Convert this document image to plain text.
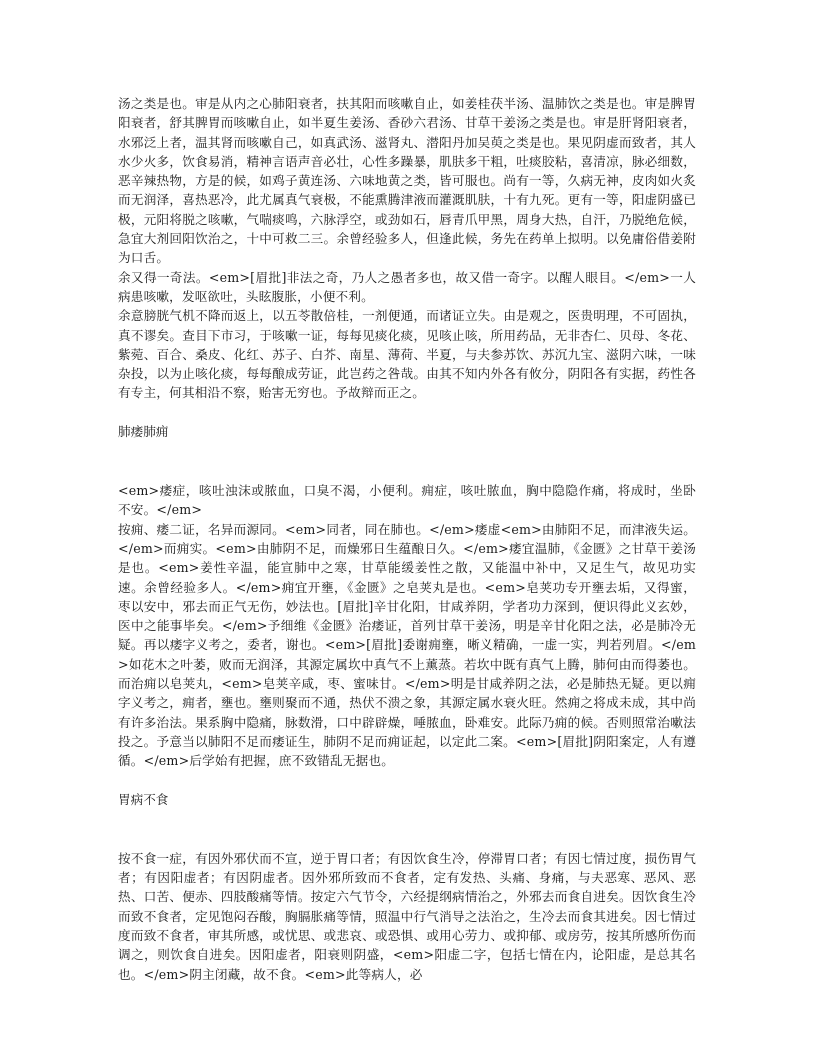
汤之类是也。审是从内之心肺阳衰者，扶其阳而咳嗽自止，如姜桂茯半汤、温肺饮之类是也。审是脾胃阳衰者，舒其脾胃而咳嗽自止，如半夏生姜汤、香砂六君汤、甘草干姜汤之类是也。审是肝肾阳衰者，水邪泛上者，温其肾而咳嗽自己，如真武汤、滋肾丸、潜阳丹加吴萸之类是也。果见阴虚而致者，其人水少火多，饮食易消，精神言语声音必壮，心性多躁暴，肌肤多干粗，吐痰胶粘，喜清凉，脉必细数，恶辛辣热物，方是的候，如鸡子黄连汤、六味地黄之类，皆可服也。尚有一等，久病无神，皮肉如火炙而无润泽，喜热恶冷，此尤属真气衰极，不能熏腾津液而灌溉肌肤，十有九死。更有一等，阳虚阴盛已极，元阳将脱之咳嗽，气喘痰鸣，六脉浮空，或劲如石，唇青爪甲黑，周身大热，自汗，乃脱绝危候，急宜大剂回阳饮治之，十中可救二三。余曾经验多人，但逢此候，务先在药单上拟明。以免庸俗借姜附为口舌。

余又得一奇法。<em>[眉批]非法之奇，乃人之愚者多也，故又借一奇字。以醒人眼目。</em>一人病患咳嗽，发呕欲吐，头眩腹胀，小便不利。

余意膀胱气机不降而返上，以五苓散倍桂，一剂便通，而诸证立失。由是观之，医贵明理，不可固执，真不谬矣。查目下市习，于咳嗽一证，每每见痰化痰，见咳止咳，所用药品，无非杏仁、贝母、冬花、紫菀、百合、桑皮、化红、苏子、白芥、南星、薄荷、半夏，与夫参苏饮、苏沉九宝、滋阴六味，一味杂投，以为止咳化痰，每每酿成劳证，此岂药之咎哉。由其不知内外各有攸分，阴阳各有实据，药性各有专主，何其相沿不察，贻害无穷也。予故辩而正之。

肺痿肺痈

<em>痿症，咳吐浊沫或脓血，口臭不渴，小便利。痈症，咳吐脓血，胸中隐隐作痛，将成时，坐卧不安。</em>

按痈、痿二证，名异而源同。<em>同者，同在肺也。</em>痿虚<em>由肺阳不足，而津液失运。</em>而痈实。<em>由肺阴不足，而燥邪日生蕴酿日久。</em>痿宜温肺，《金匮》之甘草干姜汤是也。<em>姜性辛温，能宣肺中之寒，甘草能缓姜性之散，又能温中补中，又足生气，故见功实速。余曾经验多人。</em>痈宜开壅，《金匮》之皂荚丸是也。<em>皂荚功专开壅去垢，又得蜜，枣以安中，邪去而正气无伤，妙法也。[眉批]辛甘化阳，甘咸养阴，学者功力深到，便识得此义玄妙，医中之能事毕矣。</em>予细维《金匮》治痿证，首列甘草干姜汤，明是辛甘化阳之法，必是肺冷无疑。再以痿字义考之，委者，谢也。<em>[眉批]委谢痈壅，晰义精确，一虚一实，判若列眉。</em>如花木之叶萎，败而无润泽，其源定属坎中真气不上薰蒸。若坎中既有真气上腾，肺何由而得萎也。而治痈以皂荚丸，<em>皂荚辛咸，枣、蜜味甘。</em>明是甘咸养阴之法，必是肺热无疑。更以痈字义考之，痈者，壅也。壅则聚而不通，热伏不溃之象，其源定属水衰火旺。然痈之将成未成，其中尚有许多治法。果系胸中隐痛，脉数滑，口中辟辟燥，唾脓血，卧难安。此际乃痈的候。否则照常治嗽法投之。予意当以肺阳不足而痿证生，肺阴不足而痈证起，以定此二案。<em>[眉批]阴阳案定，人有遵循。</em>后学始有把握，庶不致错乱无据也。

胃病不食

按不食一症，有因外邪伏而不宣，逆于胃口者；有因饮食生冷，停滞胃口者；有因七情过度，损伤胃气者；有因阳虚者；有因阴虚者。因外邪所致而不食者，定有发热、头痛、身痛，与夫恶寒、恶风、恶热、口苦、便赤、四肢酸痛等情。按定六气节令，六经提纲病情治之，外邪去而食自进矣。因饮食生冷而致不食者，定见饱闷吞酸，胸膈胀痛等情，照温中行气消导之法治之，生冷去而食其进矣。因七情过度而致不食者，审其所感，或忧思、或悲哀、或恐惧、或用心劳力、或抑郁、或房劳，按其所感所伤而调之，则饮食自进矣。因阳虚者，阳衰则阴盛，<em>阳虚二字，包括七情在内，论阳虚，是总其名也。</em>阴主闭藏，故不食。<em>此等病人，必
